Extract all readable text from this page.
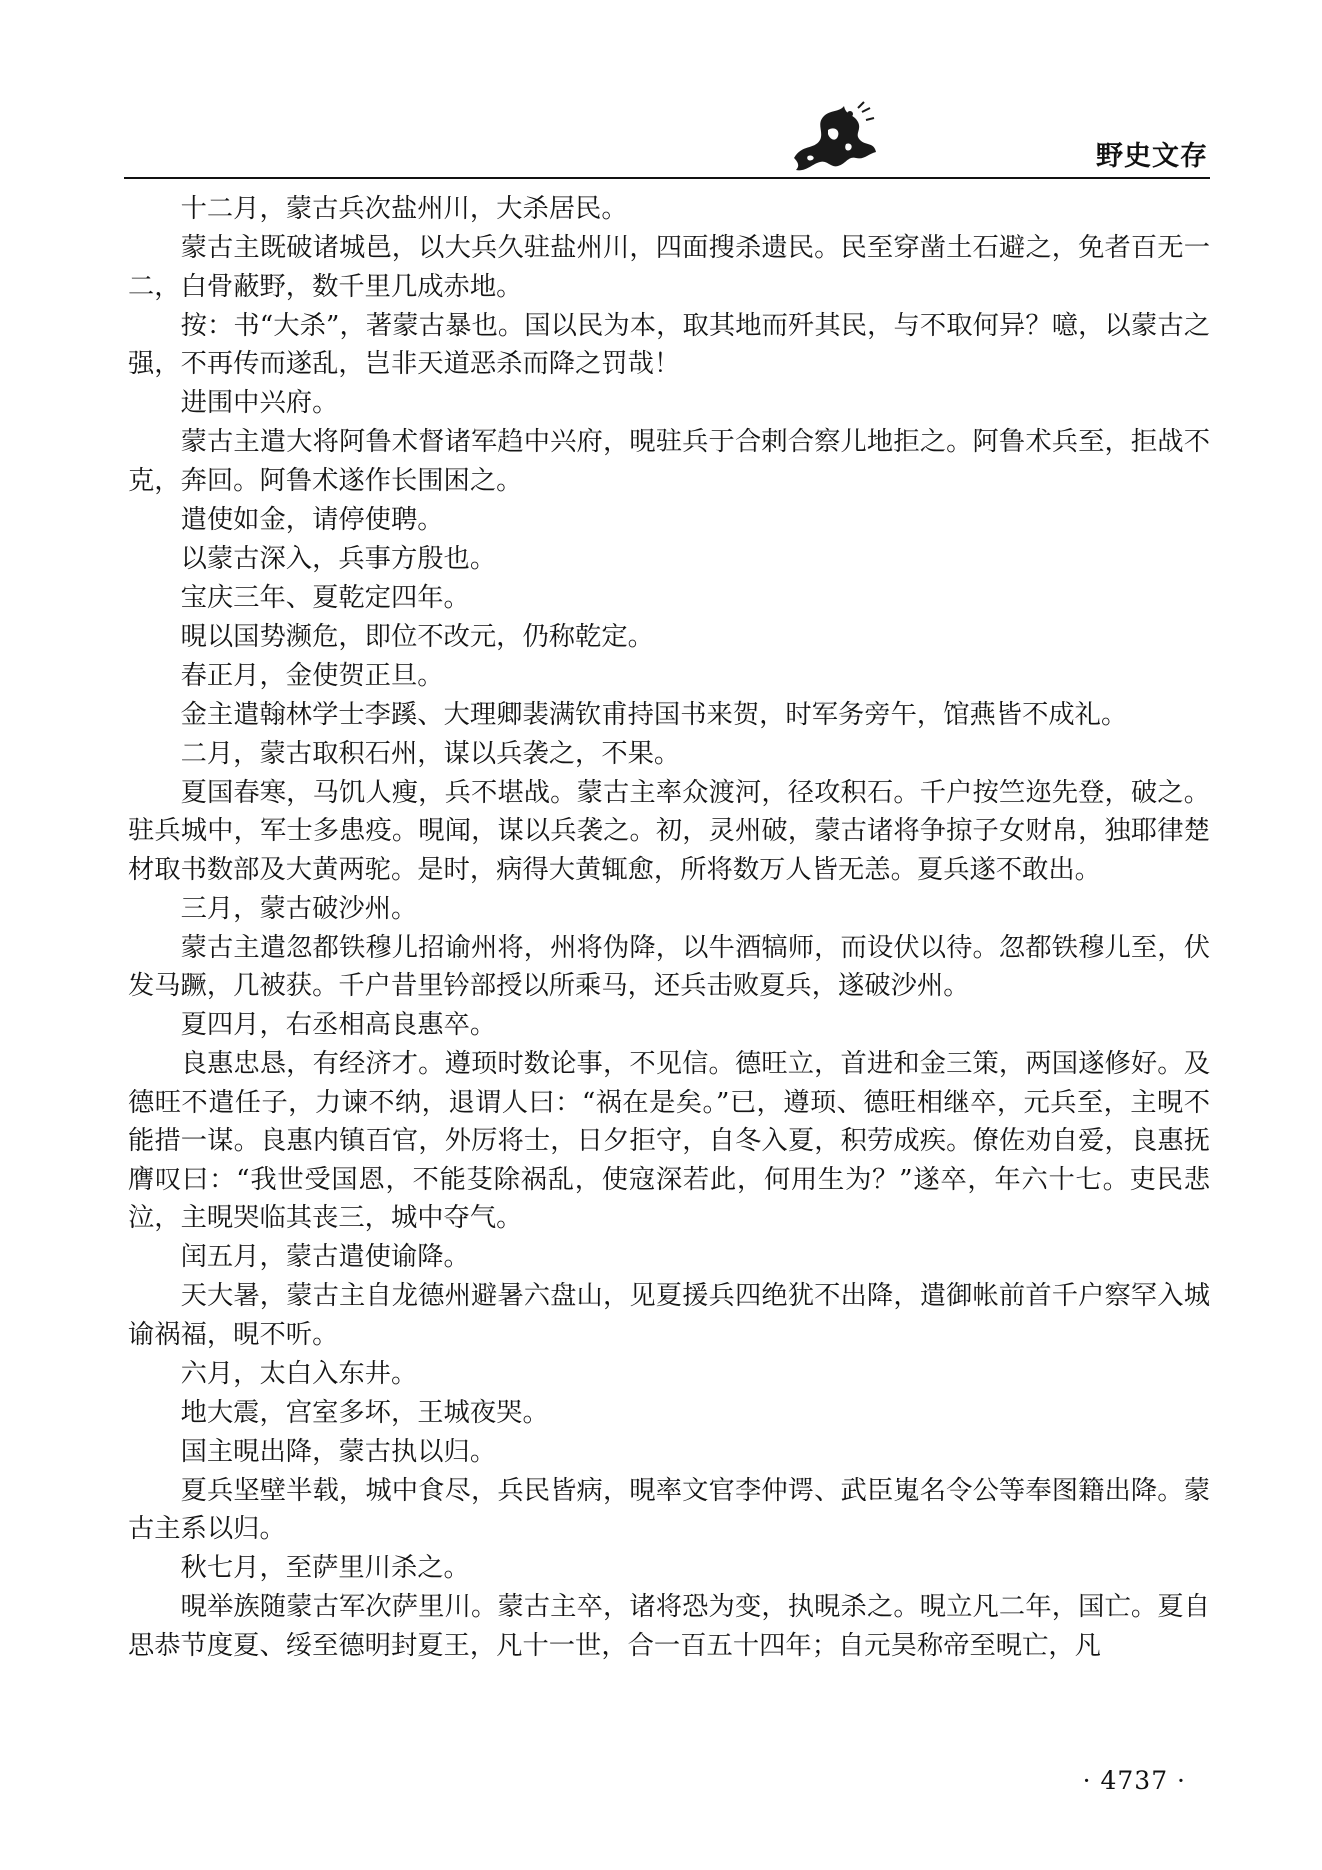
野史文存

十二月，蒙古兵次盐州川，大杀居民。

蒙古主既破诸城邑，以大兵久驻盐州川，四面搜杀遗民。民至穿凿土石避之，免者百无一二，白骨蔽野，数千里几成赤地。

按：书“大杀”，著蒙古暴也。国以民为本，取其地而歼其民，与不取何异？噫，以蒙古之强，不再传而遂乱，岂非天道恶杀而降之罚哉！

进围中兴府。

蒙古主遣大将阿鲁术督诸军趋中兴府，晛驻兵于合剌合察儿地拒之。阿鲁术兵至，拒战不克，奔回。阿鲁术遂作长围困之。

遣使如金，请停使聘。

以蒙古深入，兵事方殷也。

宝庆三年、夏乾定四年。

晛以国势濒危，即位不改元，仍称乾定。

春正月，金使贺正旦。

金主遣翰林学士李蹊、大理卿裴满钦甫持国书来贺，时军务旁午，馆燕皆不成礼。

二月，蒙古取积石州，谋以兵袭之，不果。

夏国春寒，马饥人瘦，兵不堪战。蒙古主率众渡河，径攻积石。千户按竺迩先登，破之。驻兵城中，军士多患疫。晛闻，谋以兵袭之。初，灵州破，蒙古诸将争掠子女财帛，独耶律楚材取书数部及大黄两驼。是时，病得大黄辄愈，所将数万人皆无恙。夏兵遂不敢出。

三月，蒙古破沙州。

蒙古主遣忽都铁穆儿招谕州将，州将伪降，以牛酒犒师，而设伏以待。忽都铁穆儿至，伏发马蹶，几被获。千户昔里钤部授以所乘马，还兵击败夏兵，遂破沙州。

夏四月，右丞相高良惠卒。

良惠忠恳，有经济才。遵顼时数论事，不见信。德旺立，首进和金三策，两国遂修好。及德旺不遣任子，力谏不纳，退谓人曰：“祸在是矣。”已，遵顼、德旺相继卒，元兵至，主晛不能措一谋。良惠内镇百官，外厉将士，日夕拒守，自冬入夏，积劳成疾。僚佐劝自爱，良惠抚膺叹曰：“我世受国恩，不能芟除祸乱，使寇深若此，何用生为？”遂卒，年六十七。吏民悲泣，主晛哭临其丧三，城中夺气。

闰五月，蒙古遣使谕降。

天大暑，蒙古主自龙德州避暑六盘山，见夏援兵四绝犹不出降，遣御帐前首千户察罕入城谕祸福，晛不听。

六月，太白入东井。

地大震，宫室多坏，王城夜哭。

国主晛出降，蒙古执以归。

夏兵坚壁半载，城中食尽，兵民皆病，晛率文官李仲谔、武臣嵬名令公等奉图籍出降。蒙古主系以归。

秋七月，至萨里川杀之。

晛举族随蒙古军次萨里川。蒙古主卒，诸将恐为变，执晛杀之。晛立凡二年，国亡。夏自思恭节度夏、绥至德明封夏王，凡十一世，合一百五十四年；自元昊称帝至晛亡，凡

· 4737 ·
